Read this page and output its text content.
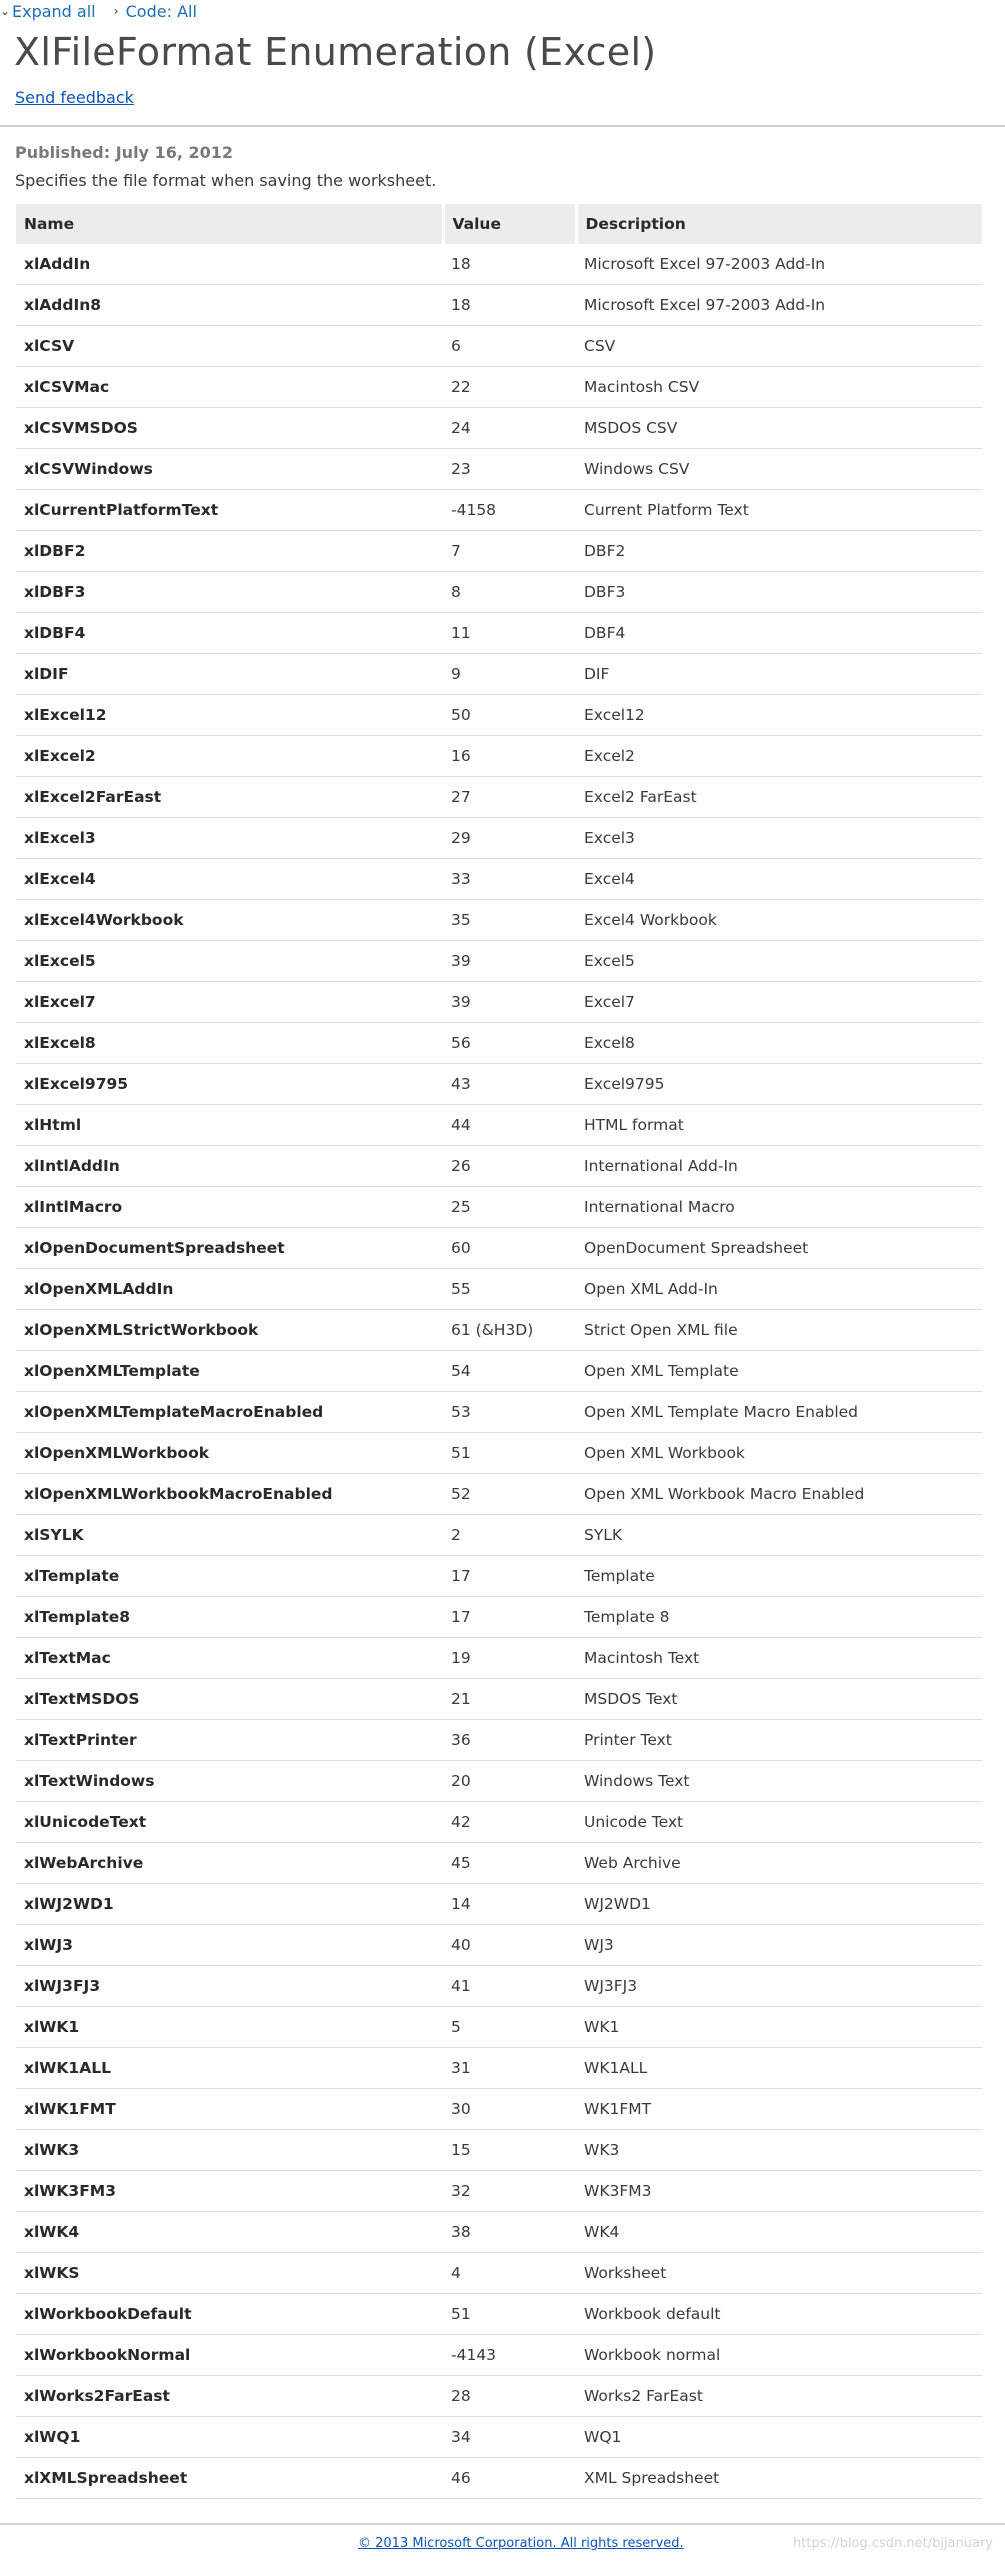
⌄ Expand all › Code: All
XlFileFormat Enumeration (Excel)
Send feedback
Published: July 16, 2012
Specifies the file format when saving the worksheet.
Name	Value	Description
xlAddIn	18	Microsoft Excel 97-2003 Add-In
xlAddIn8	18	Microsoft Excel 97-2003 Add-In
xlCSV	6	CSV
xlCSVMac	22	Macintosh CSV
xlCSVMSDOS	24	MSDOS CSV
xlCSVWindows	23	Windows CSV
xlCurrentPlatformText	-4158	Current Platform Text
xlDBF2	7	DBF2
xlDBF3	8	DBF3
xlDBF4	11	DBF4
xlDIF	9	DIF
xlExcel12	50	Excel12
xlExcel2	16	Excel2
xlExcel2FarEast	27	Excel2 FarEast
xlExcel3	29	Excel3
xlExcel4	33	Excel4
xlExcel4Workbook	35	Excel4 Workbook
xlExcel5	39	Excel5
xlExcel7	39	Excel7
xlExcel8	56	Excel8
xlExcel9795	43	Excel9795
xlHtml	44	HTML format
xlIntlAddIn	26	International Add-In
xlIntlMacro	25	International Macro
xlOpenDocumentSpreadsheet	60	OpenDocument Spreadsheet
xlOpenXMLAddIn	55	Open XML Add-In
xlOpenXMLStrictWorkbook	61 (&H3D)	Strict Open XML file
xlOpenXMLTemplate	54	Open XML Template
xlOpenXMLTemplateMacroEnabled	53	Open XML Template Macro Enabled
xlOpenXMLWorkbook	51	Open XML Workbook
xlOpenXMLWorkbookMacroEnabled	52	Open XML Workbook Macro Enabled
xlSYLK	2	SYLK
xlTemplate	17	Template
xlTemplate8	17	Template 8
xlTextMac	19	Macintosh Text
xlTextMSDOS	21	MSDOS Text
xlTextPrinter	36	Printer Text
xlTextWindows	20	Windows Text
xlUnicodeText	42	Unicode Text
xlWebArchive	45	Web Archive
xlWJ2WD1	14	WJ2WD1
xlWJ3	40	WJ3
xlWJ3FJ3	41	WJ3FJ3
xlWK1	5	WK1
xlWK1ALL	31	WK1ALL
xlWK1FMT	30	WK1FMT
xlWK3	15	WK3
xlWK3FM3	32	WK3FM3
xlWK4	38	WK4
xlWKS	4	Worksheet
xlWorkbookDefault	51	Workbook default
xlWorkbookNormal	-4143	Workbook normal
xlWorks2FarEast	28	Works2 FarEast
xlWQ1	34	WQ1
xlXMLSpreadsheet	46	XML Spreadsheet
© 2013 Microsoft Corporation. All rights reserved.	https://blog.csdn.net/bjjanuary
